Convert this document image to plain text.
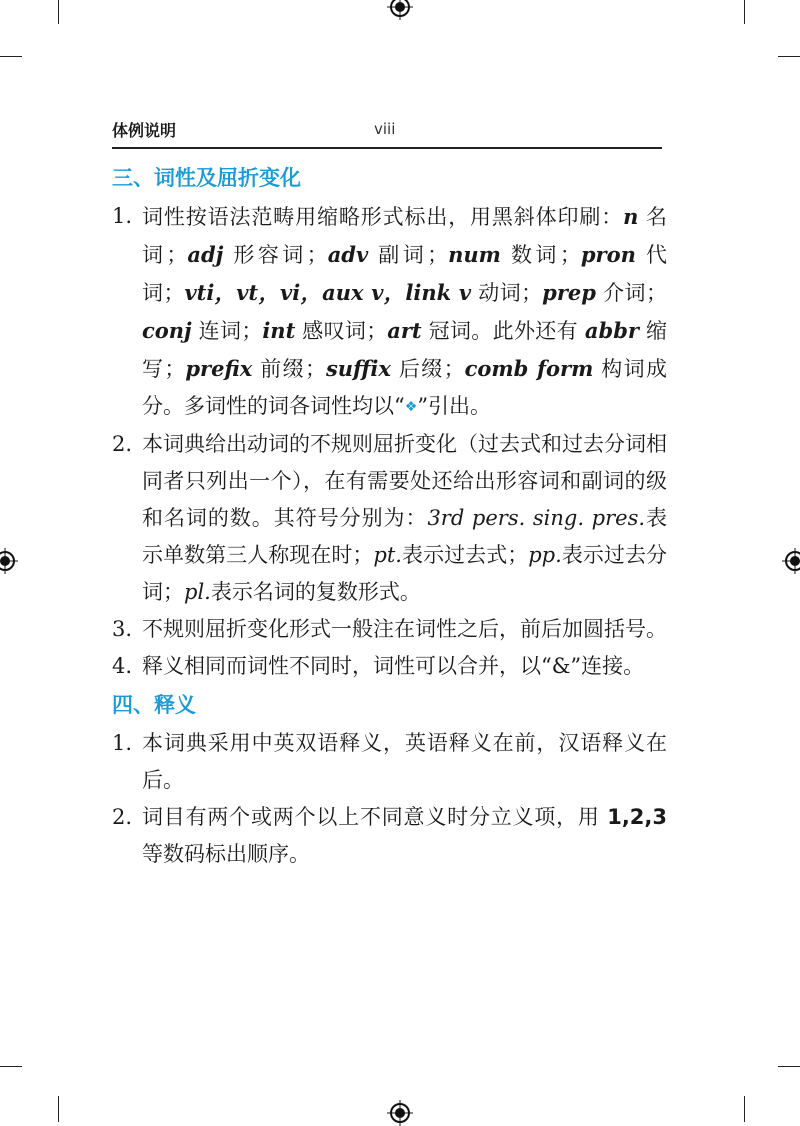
体例说明	viii
三、词性及屈折变化
1. 词性按语法范畴用缩略形式标出，用黑斜体印刷：n 名词；adj 形容词；adv 副词；num 数词；pron 代词；vti，vt，vi，aux v，link v 动词；prep 介词；conj 连词；int 感叹词；art 冠词。此外还有 abbr 缩写；prefix 前缀；suffix 后缀；comb form 构词成分。多词性的词各词性均以“❖”引出。
2. 本词典给出动词的不规则屈折变化（过去式和过去分词相同者只列出一个），在有需要处还给出形容词和副词的级和名词的数。其符号分别为：3rd pers. sing. pres.表示单数第三人称现在时；pt.表示过去式；pp.表示过去分词；pl.表示名词的复数形式。
3. 不规则屈折变化形式一般注在词性之后，前后加圆括号。
4. 释义相同而词性不同时，词性可以合并，以“&”连接。
四、释义
1. 本词典采用中英双语释义，英语释义在前，汉语释义在后。
2. 词目有两个或两个以上不同意义时分立义项，用 1,2,3 等数码标出顺序。
